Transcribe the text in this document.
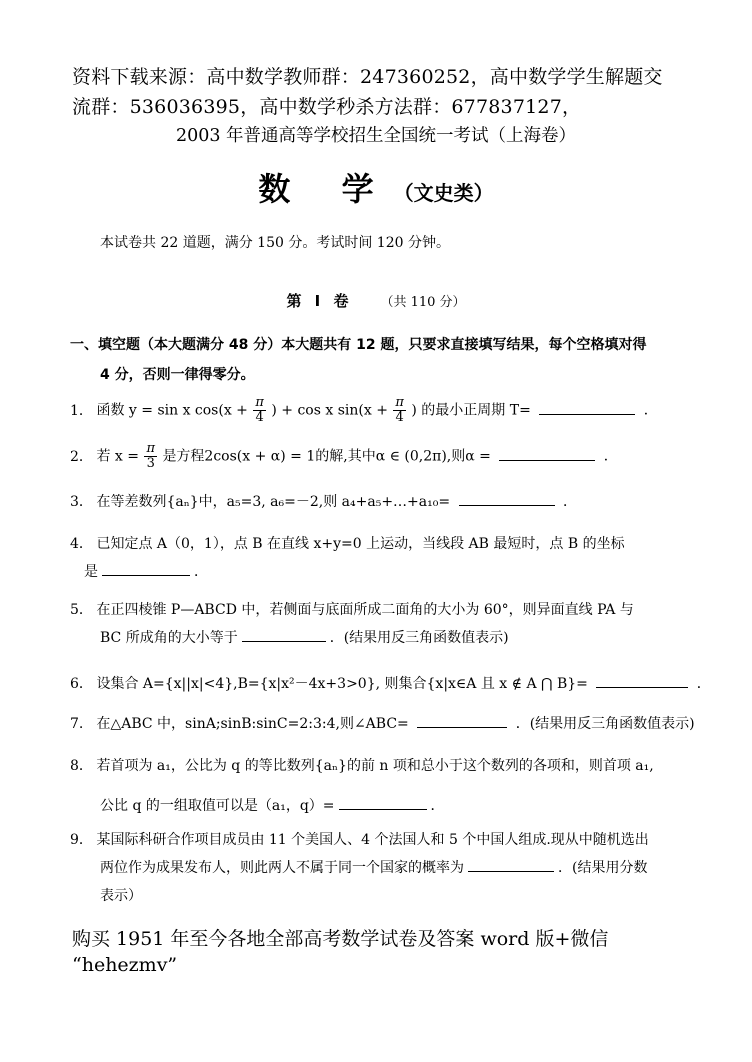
资料下载来源：高中数学教师群：247360252，高中数学学生解题交
流群：536036395，高中数学秒杀方法群：677837127，
2003 年普通高等学校招生全国统一考试（上海卷）
数 学（文史类）
本试卷共 22 道题，满分 150 分。考试时间 120 分钟。
第 Ⅰ 卷 （共 110 分）
一、填空题（本大题满分 48 分）本大题共有 12 题，只要求直接填写结果，每个空格填对得
4 分，否则一律得零分。
1． 函数 y = sin x $\cos(x + \frac{\pi}{4}$ ) + cos x $\sin(x + \frac{\pi}{4}$ ) 的最小正周期 T=	．
2． 若 $x = \frac{\pi}{3}$ 是方程2cos(x + α) = 1的解,其中α ∈ (0,2π),则α =	．
3． 在等差数列{aₙ}中，a₅=3, a₆=－2,则 a₄+a₅+…+a₁₀=	．
4． 已知定点 A（0，1），点 B 在直线 x+y=0 上运动，当线段 AB 最短时，点 B 的坐标
是	．
5． 在正四棱锥 P—ABCD 中，若侧面与底面所成二面角的大小为 60°，则异面直线 PA 与
BC 所成角的大小等于	．(结果用反三角函数值表示)
6． 设集合 A={x||x|<4},B={x|x²－4x+3>0}, 则集合{x|x∈A 且 x ∉ A ⋂ B}=	．
7. 在△ABC 中，sinA;sinB:sinC=2:3:4,则∠ABC=	．(结果用反三角函数值表示)
8． 若首项为 a₁，公比为 q 的等比数列{aₙ}的前 n 项和总小于这个数列的各项和，则首项 a₁,
公比 q 的一组取值可以是（a₁，q）=	．
9． 某国际科研合作项目成员由 11 个美国人、4 个法国人和 5 个中国人组成.现从中随机选出
两位作为成果发布人，则此两人不属于同一个国家的概率为	．(结果用分数
表示）
购买 1951 年至今各地全部高考数学试卷及答案 word 版+微信
“hehezmv”
